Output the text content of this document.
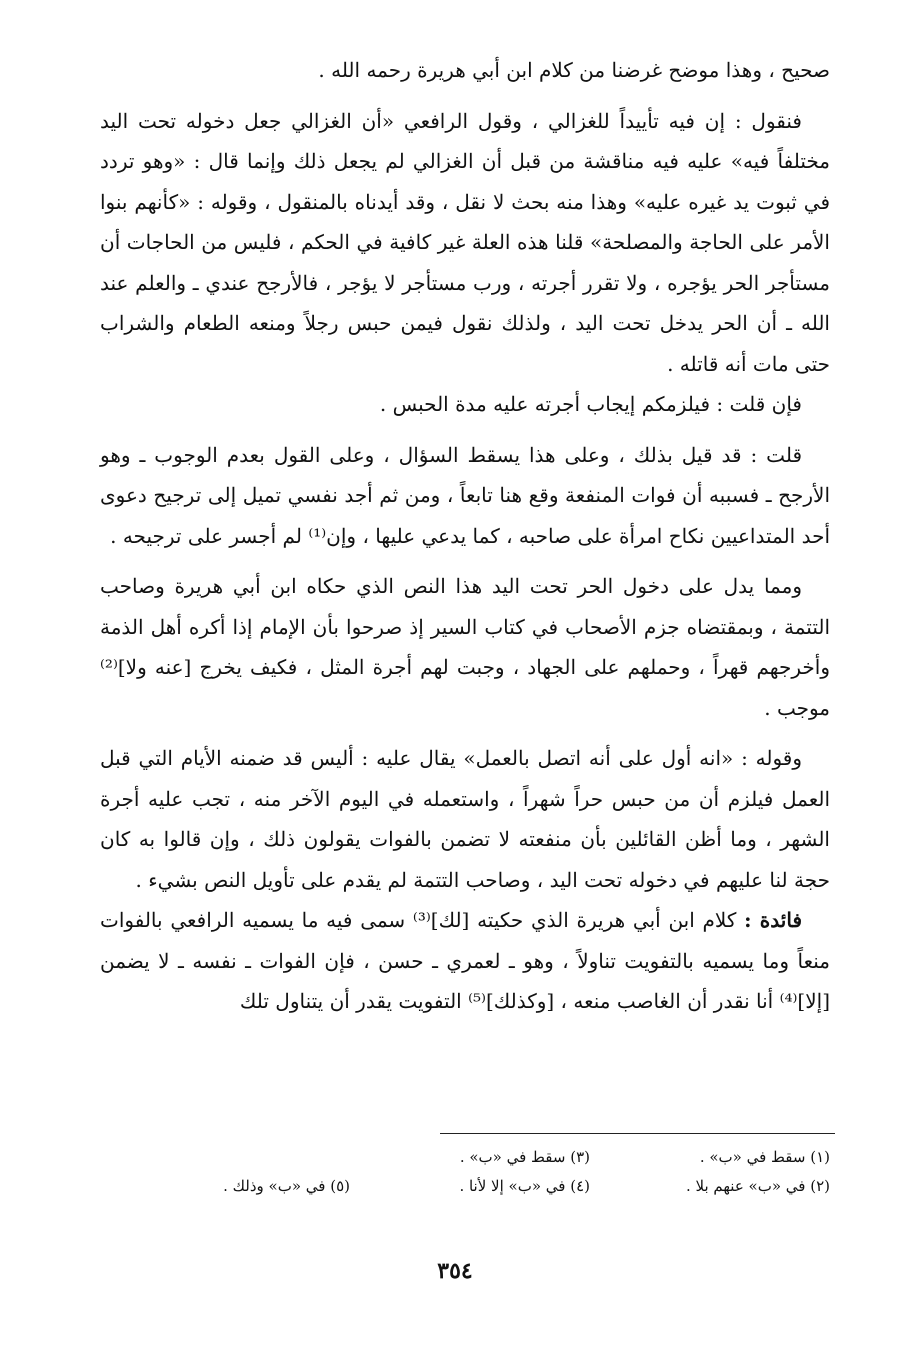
صحيح ، وهذا موضح غرضنا من كلام ابن أبي هريرة رحمه الله .

فنقول : إن فيه تأييداً للغزالي ، وقول الرافعي «أن الغزالي جعل دخوله تحت اليد مختلفاً فيه» عليه فيه مناقشة من قبل أن الغزالي لم يجعل ذلك وإنما قال : «وهو تردد في ثبوت يد غيره عليه» وهذا منه بحث لا نقل ، وقد أيدناه بالمنقول ، وقوله : «كأنهم بنوا الأمر على الحاجة والمصلحة» قلنا هذه العلة غير كافية في الحكم ، فليس من الحاجات أن مستأجر الحر يؤجره ، ولا تقرر أجرته ، ورب مستأجر لا يؤجر ، فالأرجح عندي ـ والعلم عند الله ـ أن الحر يدخل تحت اليد ، ولذلك نقول فيمن حبس رجلاً ومنعه الطعام والشراب حتى مات أنه قاتله .

فإن قلت : فيلزمكم إيجاب أجرته عليه مدة الحبس .

قلت : قد قيل بذلك ، وعلى هذا يسقط السؤال ، وعلى القول بعدم الوجوب ـ وهو الأرجح ـ فسببه أن فوات المنفعة وقع هنا تابعاً ، ومن ثم أجد نفسي تميل إلى ترجيح دعوى أحد المتداعيين نكاح امرأة على صاحبه ، كما يدعي عليها ، وإن⁽¹⁾ لم أجسر على ترجيحه .

ومما يدل على دخول الحر تحت اليد هذا النص الذي حكاه ابن أبي هريرة وصاحب التتمة ، وبمقتضاه جزم الأصحاب في كتاب السير إذ صرحوا بأن الإمام إذا أكره أهل الذمة وأخرجهم قهراً ، وحملهم على الجهاد ، وجبت لهم أجرة المثل ، فكيف يخرج [عنه ولا]⁽²⁾ موجب .

وقوله : «انه أول على أنه اتصل بالعمل» يقال عليه : أليس قد ضمنه الأيام التي قبل العمل فيلزم أن من حبس حراً شهراً ، واستعمله في اليوم الآخر منه ، تجب عليه أجرة الشهر ، وما أظن القائلين بأن منفعته لا تضمن بالفوات يقولون ذلك ، وإن قالوا به كان حجة لنا عليهم في دخوله تحت اليد ، وصاحب التتمة لم يقدم على تأويل النص بشيء .

فائدة : كلام ابن أبي هريرة الذي حكيته [لك]⁽³⁾ سمى فيه ما يسميه الرافعي بالفوات منعاً وما يسميه بالتفويت تناولاً ، وهو ـ لعمري ـ حسن ، فإن الفوات ـ نفسه ـ لا يضمن [إلا]⁽⁴⁾ أنا نقدر أن الغاصب منعه ، [وكذلك]⁽⁵⁾ التفويت يقدر أن يتناول تلك

(١) سقط في «ب» .
(٣) سقط في «ب» .
(٢) في «ب» عنهم بلا .
(٤) في «ب» إلا لأنا .
(٥) في «ب» وذلك .
٣٥٤
